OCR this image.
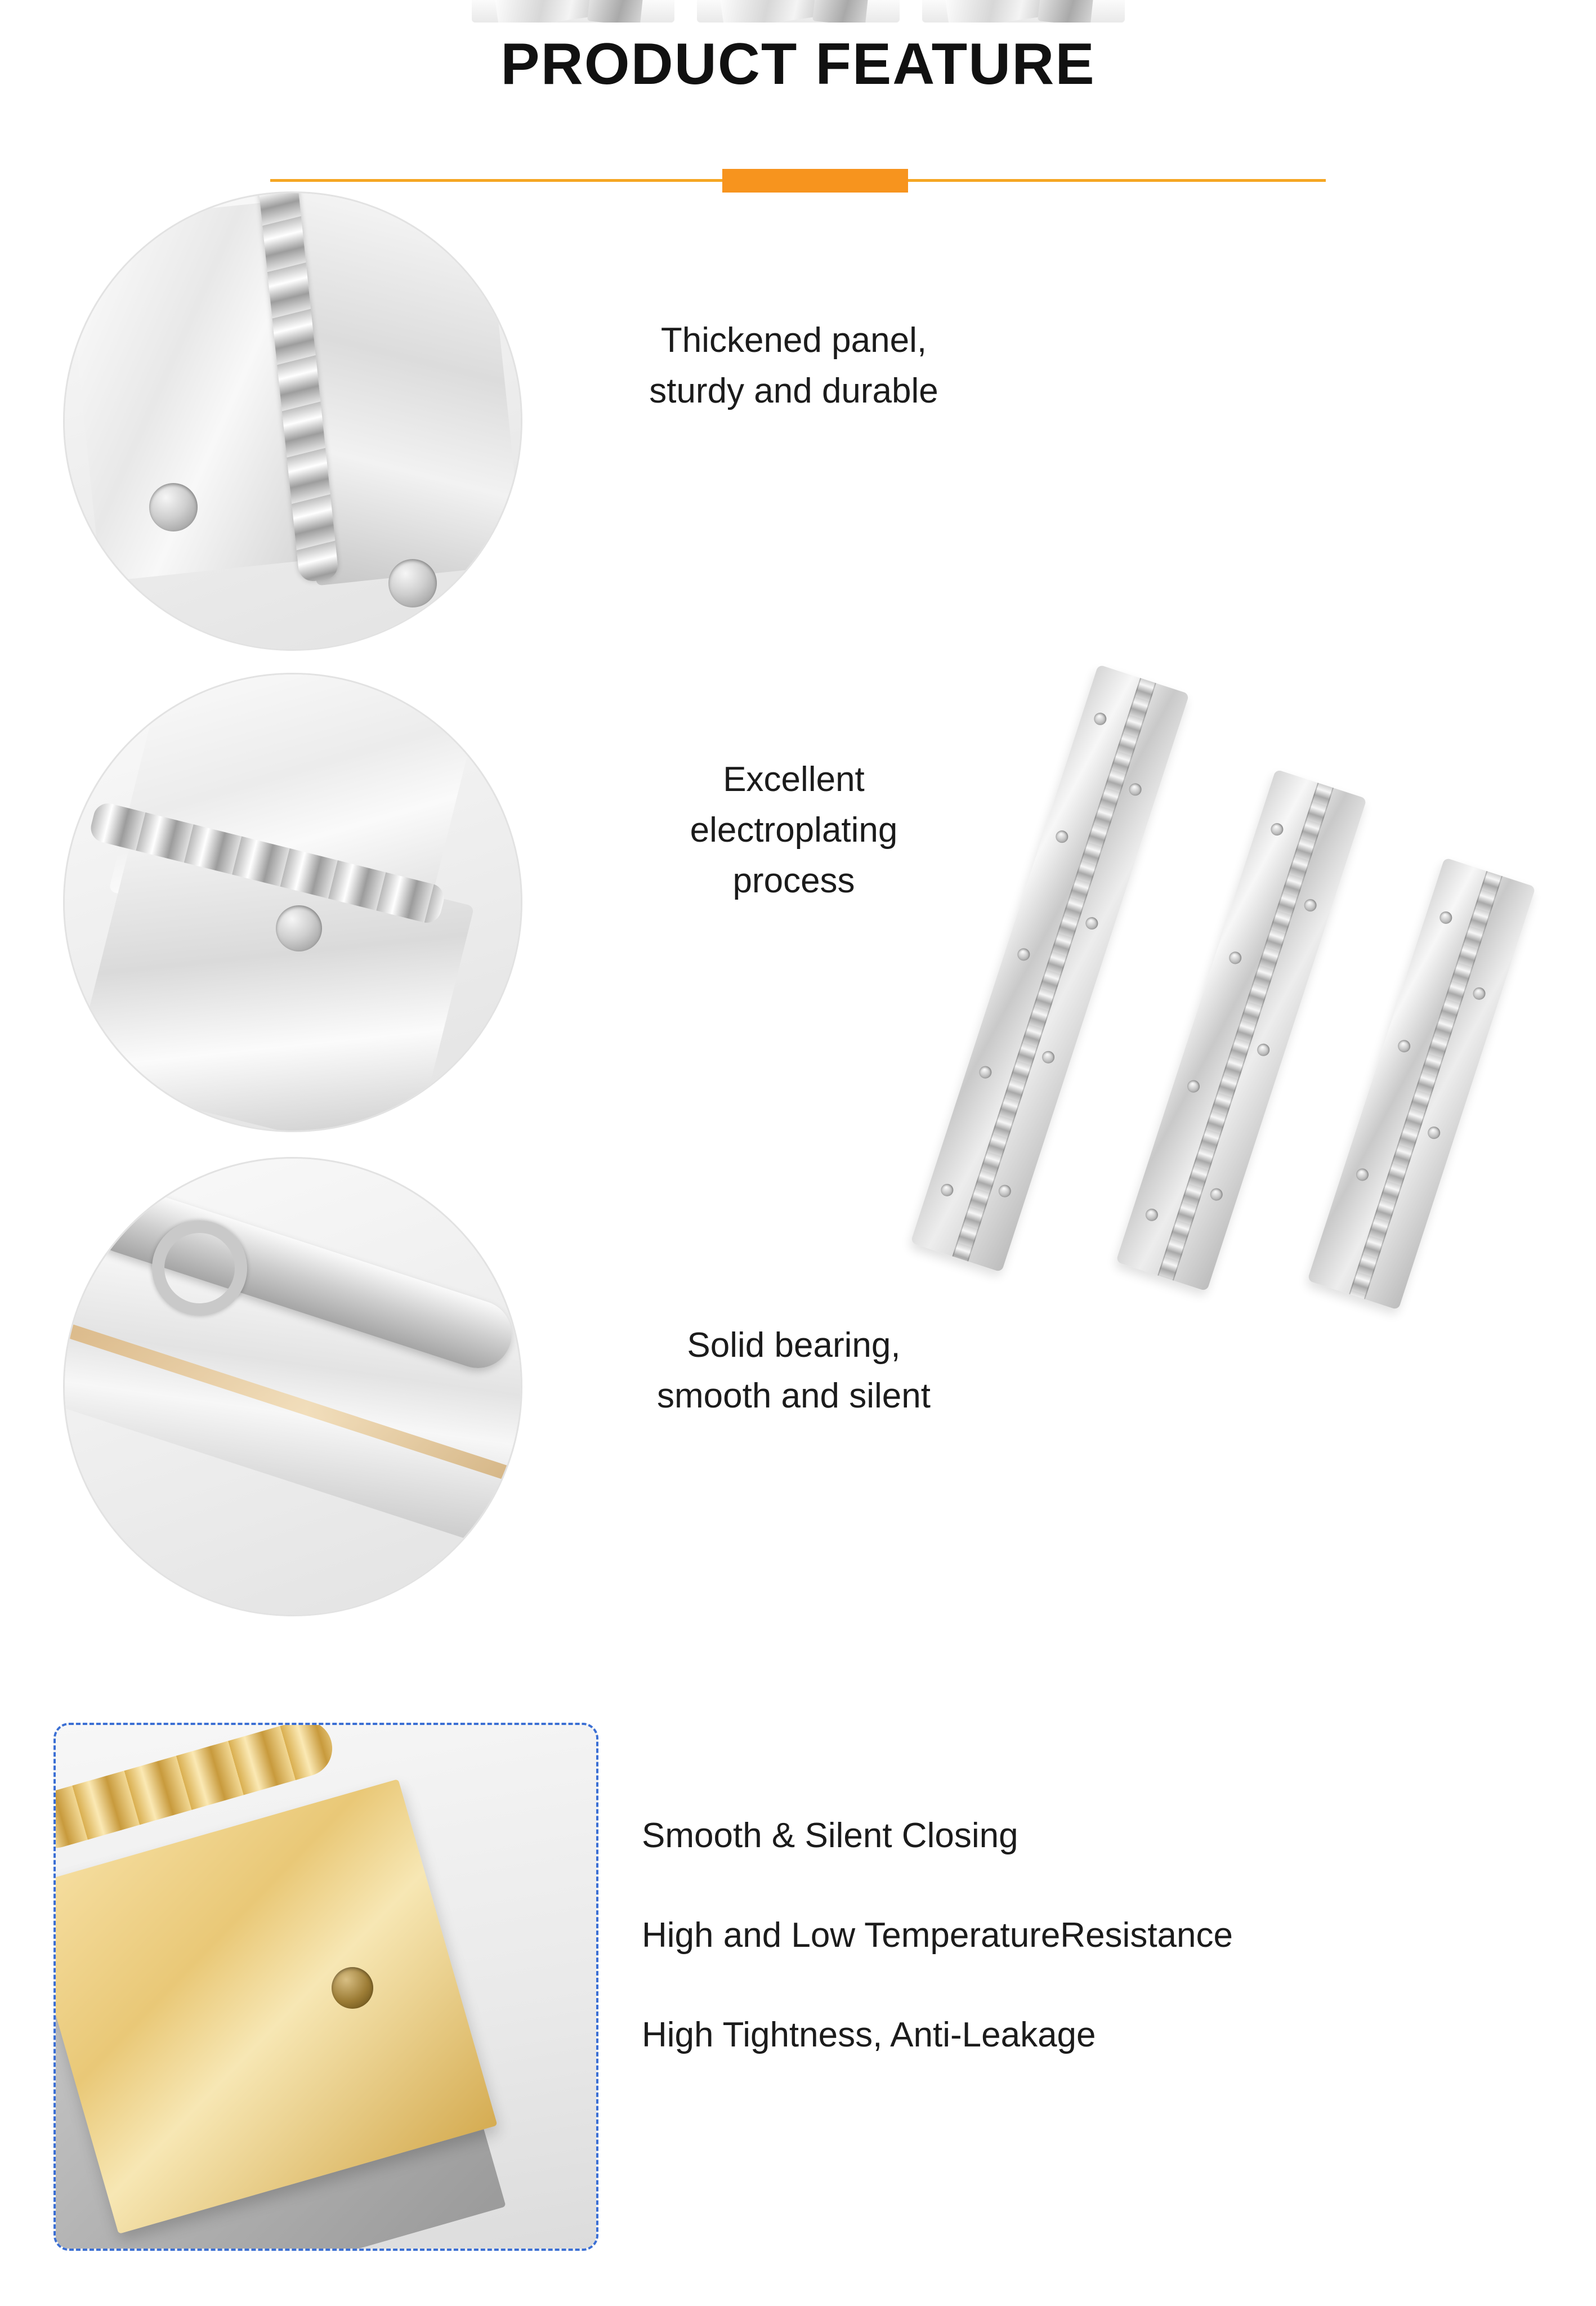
PRODUCT FEATURE
Thickened panel,
sturdy and durable
Excellent
electroplating
process
Solid bearing,
smooth and silent
Smooth & Silent Closing
High and Low TemperatureResistance
High Tightness, Anti-Leakage
